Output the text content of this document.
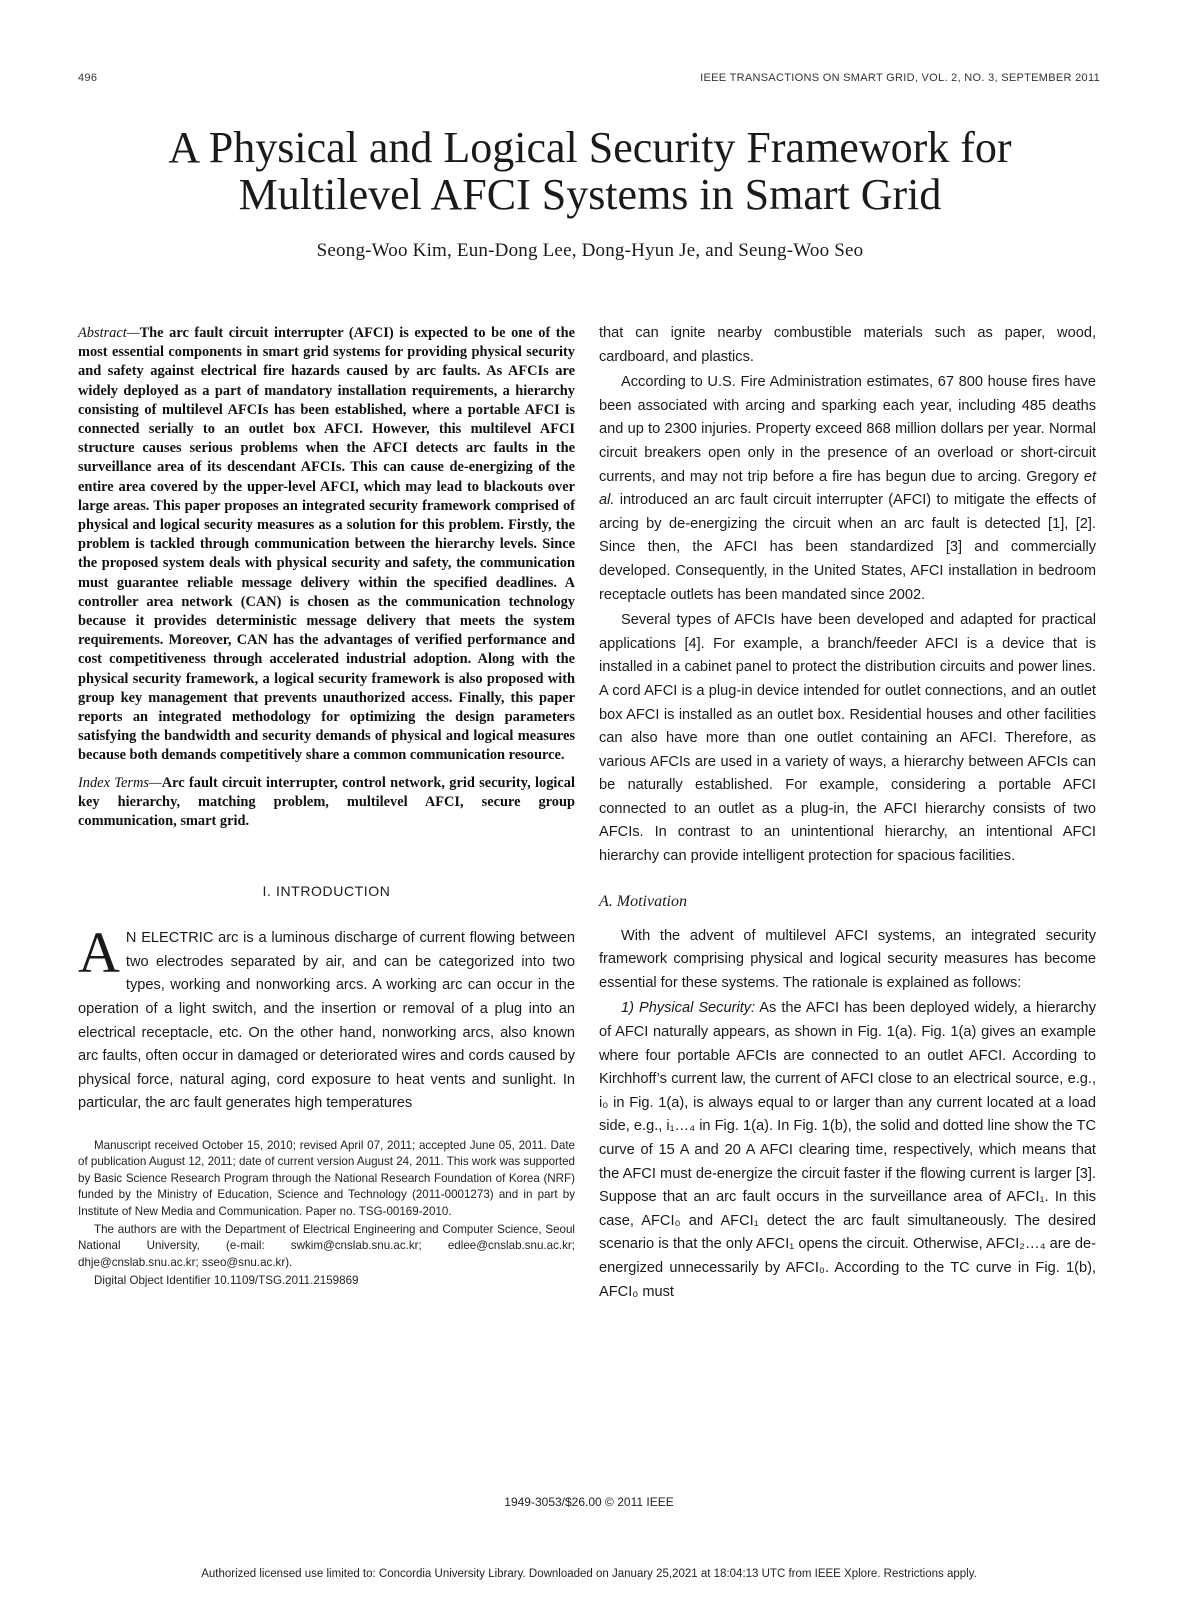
496	IEEE TRANSACTIONS ON SMART GRID, VOL. 2, NO. 3, SEPTEMBER 2011
A Physical and Logical Security Framework for
Multilevel AFCI Systems in Smart Grid
Seong-Woo Kim, Eun-Dong Lee, Dong-Hyun Je, and Seung-Woo Seo

Abstract—The arc fault circuit interrupter (AFCI) is expected to be one of the most essential components in smart grid systems for providing physical security and safety against electrical fire hazards caused by arc faults. As AFCIs are widely deployed as a part of mandatory installation requirements, a hierarchy consisting of multilevel AFCIs has been established, where a portable AFCI is connected serially to an outlet box AFCI. However, this multilevel AFCI structure causes serious problems when the AFCI detects arc faults in the surveillance area of its descendant AFCIs. This can cause de-energizing of the entire area covered by the upper-level AFCI, which may lead to blackouts over large areas. This paper proposes an integrated security framework comprised of physical and logical security measures as a solution for this problem. Firstly, the problem is tackled through communication between the hierarchy levels. Since the proposed system deals with physical security and safety, the communication must guarantee reliable message delivery within the specified deadlines. A controller area network (CAN) is chosen as the communication technology because it provides deterministic message delivery that meets the system requirements. Moreover, CAN has the advantages of verified performance and cost competitiveness through accelerated industrial adoption. Along with the physical security framework, a logical security framework is also proposed with group key management that prevents unauthorized access. Finally, this paper reports an integrated methodology for optimizing the design parameters satisfying the bandwidth and security demands of physical and logical measures because both demands competitively share a common communication resource.

Index Terms—Arc fault circuit interrupter, control network, grid security, logical key hierarchy, matching problem, multilevel AFCI, secure group communication, smart grid.

I. INTRODUCTION

A N ELECTRIC arc is a luminous discharge of current flowing between two electrodes separated by air, and can be categorized into two types, working and nonworking arcs. A working arc can occur in the operation of a light switch, and the insertion or removal of a plug into an electrical receptacle, etc. On the other hand, nonworking arcs, also known arc faults, often occur in damaged or deteriorated wires and cords caused by physical force, natural aging, cord exposure to heat vents and sunlight. In particular, the arc fault generates high temperatures

Manuscript received October 15, 2010; revised April 07, 2011; accepted June 05, 2011. Date of publication August 12, 2011; date of current version August 24, 2011. This work was supported by Basic Science Research Program through the National Research Foundation of Korea (NRF) funded by the Ministry of Education, Science and Technology (2011-0001273) and in part by Institute of New Media and Communication. Paper no. TSG-00169-2010.

The authors are with the Department of Electrical Engineering and Computer Science, Seoul National University, (e-mail: swkim@cnslab.snu.ac.kr; edlee@cnslab.snu.ac.kr; dhje@cnslab.snu.ac.kr; sseo@snu.ac.kr).

Digital Object Identifier 10.1109/TSG.2011.2159869

that can ignite nearby combustible materials such as paper, wood, cardboard, and plastics.

According to U.S. Fire Administration estimates, 67 800 house fires have been associated with arcing and sparking each year, including 485 deaths and up to 2300 injuries. Property exceed 868 million dollars per year. Normal circuit breakers open only in the presence of an overload or short-circuit currents, and may not trip before a fire has begun due to arcing. Gregory et al. introduced an arc fault circuit interrupter (AFCI) to mitigate the effects of arcing by de-energizing the circuit when an arc fault is detected [1], [2]. Since then, the AFCI has been standardized [3] and commercially developed. Consequently, in the United States, AFCI installation in bedroom receptacle outlets has been mandated since 2002.

Several types of AFCIs have been developed and adapted for practical applications [4]. For example, a branch/feeder AFCI is a device that is installed in a cabinet panel to protect the distribution circuits and power lines. A cord AFCI is a plug-in device intended for outlet connections, and an outlet box AFCI is installed as an outlet box. Residential houses and other facilities can also have more than one outlet containing an AFCI. Therefore, as various AFCIs are used in a variety of ways, a hierarchy between AFCIs can be naturally established. For example, considering a portable AFCI connected to an outlet as a plug-in, the AFCI hierarchy consists of two AFCIs. In contrast to an unintentional hierarchy, an intentional AFCI hierarchy can provide intelligent protection for spacious facilities.

A. Motivation

With the advent of multilevel AFCI systems, an integrated security framework comprising physical and logical security measures has become essential for these systems. The rationale is explained as follows:

1) Physical Security: As the AFCI has been deployed widely, a hierarchy of AFCI naturally appears, as shown in Fig. 1(a). Fig. 1(a) gives an example where four portable AFCIs are connected to an outlet AFCI. According to Kirchhoff’s current law, the current of AFCI close to an electrical source, e.g., i₀ in Fig. 1(a), is always equal to or larger than any current located at a load side, e.g., i₁…₄ in Fig. 1(a). In Fig. 1(b), the solid and dotted line show the TC curve of 15 A and 20 A AFCI clearing time, respectively, which means that the AFCI must de-energize the circuit faster if the flowing current is larger [3]. Suppose that an arc fault occurs in the surveillance area of AFCI₁. In this case, AFCI₀ and AFCI₁ detect the arc fault simultaneously. The desired scenario is that the only AFCI₁ opens the circuit. Otherwise, AFCI₂…₄ are de-energized unnecessarily by AFCI₀. According to the TC curve in Fig. 1(b), AFCI₀ must

1949-3053/$26.00 © 2011 IEEE
Authorized licensed use limited to: Concordia University Library. Downloaded on January 25,2021 at 18:04:13 UTC from IEEE Xplore. Restrictions apply.
